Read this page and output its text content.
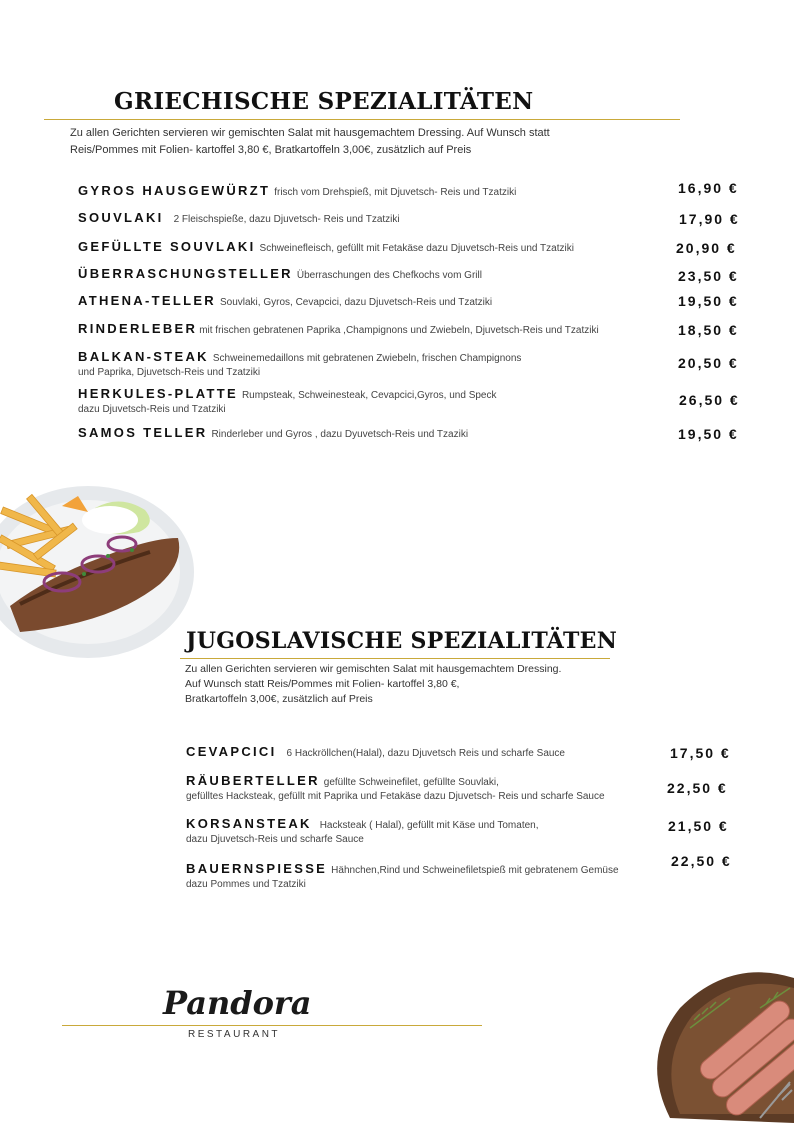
GRIECHISCHE SPEZIALITÄTEN
Zu allen Gerichten servieren wir gemischten Salat mit hausgemachtem Dressing. Auf Wunsch statt
Reis/Pommes mit Folien- kartoffel 3,80 €, Bratkartoffeln 3,00€, zusätzlich auf Preis
GYROS HAUSGEWÜRZT frisch vom Drehspieß, mit Djuvetsch- Reis und Tzatziki	16,90 €
SOUVLAKI 2 Fleischspieße, dazu Djuvetsch- Reis und Tzatziki	17,90 €
GEFÜLLTE SOUVLAKI Schweinefleisch, gefüllt mit Fetakäse dazu Djuvetsch-Reis und Tzatziki	20,90 €
ÜBERRASCHUNGSTELLER Überraschungen des Chefkochs vom Grill	23,50 €
ATHENA-TELLER Souvlaki, Gyros, Cevapcici, dazu Djuvetsch-Reis und Tzatziki	19,50 €
RINDERLEBER mit frischen gebratenen Paprika ,Champignons und Zwiebeln, Djuvetsch-Reis und Tzatziki	18,50 €
BALKAN-STEAK Schweinemedaillons mit gebratenen Zwiebeln, frischen Champignons
und Paprika, Djuvetsch-Reis und Tzatziki
20,50 €
HERKULES-PLATTE Rumpsteak, Schweinesteak, Cevapcici,Gyros, und Speck
dazu Djuvetsch-Reis und Tzatziki
26,50 €
SAMOS TELLER Rinderleber und Gyros , dazu Dyuvetsch-Reis und Tzaziki	19,50 €
JUGOSLAVISCHE SPEZIALITÄTEN
Zu allen Gerichten servieren wir gemischten Salat mit hausgemachtem Dressing.
Auf Wunsch statt Reis/Pommes mit Folien- kartoffel 3,80 €,
Bratkartoffeln 3,00€, zusätzlich auf Preis
CEVAPCICI 6 Hackröllchen(Halal), dazu Djuvetsch Reis und scharfe Sauce	17,50 €
RÄUBERTELLER gefüllte Schweinefilet, gefüllte Souvlaki,
gefülltes Hacksteak, gefüllt mit Paprika und Fetakäse dazu Djuvetsch- Reis und scharfe Sauce
22,50 €
KORSANSTEAK Hacksteak ( Halal), gefüllt mit Käse und Tomaten,
dazu Djuvetsch-Reis und scharfe Sauce
21,50 €
BAUERNSPIESSE Hähnchen,Rind und Schweinefiletspieß mit gebratenem Gemüse
dazu Pommes und Tzatziki
22,50 €
Pandora
RESTAURANT
